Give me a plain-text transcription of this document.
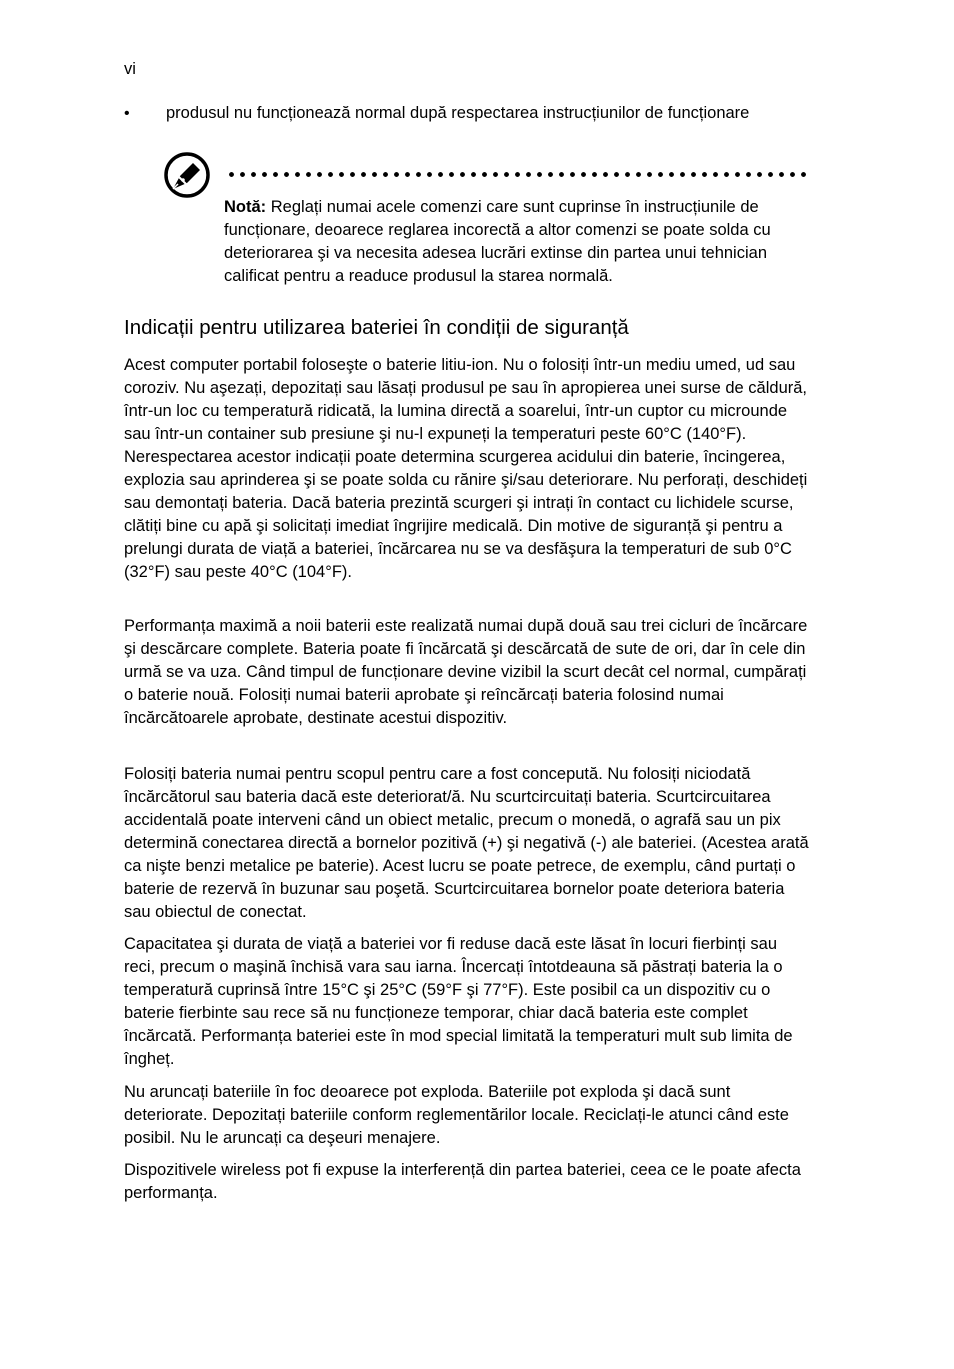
vi
• produsul nu funcționează normal după respectarea instrucțiunilor de funcționare
Notă: Reglați numai acele comenzi care sunt cuprinse în instrucțiunile de funcționare, deoarece reglarea incorectă a altor comenzi se poate solda cu deteriorarea şi va necesita adesea lucrări extinse din partea unui tehnician calificat pentru a readuce produsul la starea normală.
Indicații pentru utilizarea bateriei în condiții de siguranță

Acest computer portabil foloseşte o baterie litiu-ion. Nu o folosiți într-un mediu umed, ud sau coroziv. Nu aşezați, depozitați sau lăsați produsul pe sau în apropierea unei surse de căldură, într-un loc cu temperatură ridicată, la lumina directă a soarelui, într-un cuptor cu microunde sau într-un container sub presiune şi nu-l expuneți la temperaturi peste 60°C (140°F). Nerespectarea acestor indicații poate determina scurgerea acidului din baterie, încingerea, explozia sau aprinderea şi se poate solda cu rănire şi/sau deteriorare. Nu perforați, deschideți sau demontați bateria. Dacă bateria prezintă scurgeri şi intrați în contact cu lichidele scurse, clătiți bine cu apă şi solicitați imediat îngrijire medicală. Din motive de siguranță şi pentru a prelungi durata de viață a bateriei, încărcarea nu se va desfăşura la temperaturi de sub 0°C (32°F) sau peste 40°C (104°F).

Performanța maximă a noii baterii este realizată numai după două sau trei cicluri de încărcare şi descărcare complete. Bateria poate fi încărcată şi descărcată de sute de ori, dar în cele din urmă se va uza. Când timpul de funcționare devine vizibil la scurt decât cel normal, cumpărați o baterie nouă. Folosiți numai baterii aprobate şi reîncărcați bateria folosind numai încărcătoarele aprobate, destinate acestui dispozitiv.

Folosiți bateria numai pentru scopul pentru care a fost concepută. Nu folosiți niciodată încărcătorul sau bateria dacă este deteriorat/ă. Nu scurtcircuitați bateria. Scurtcircuitarea accidentală poate interveni când un obiect metalic, precum o monedă, o agrafă sau un pix determină conectarea directă a bornelor pozitivă (+) şi negativă (-) ale bateriei. (Acestea arată ca nişte benzi metalice pe baterie). Acest lucru se poate petrece, de exemplu, când purtați o baterie de rezervă în buzunar sau poşetă. Scurtcircuitarea bornelor poate deteriora bateria sau obiectul de conectat.

Capacitatea şi durata de viață a bateriei vor fi reduse dacă este lăsat în locuri fierbinți sau reci, precum o maşină închisă vara sau iarna. Încercați întotdeauna să păstrați bateria la o temperatură cuprinsă între 15°C şi 25°C (59°F şi 77°F). Este posibil ca un dispozitiv cu o baterie fierbinte sau rece să nu funcționeze temporar, chiar dacă bateria este complet încărcată. Performanța bateriei este în mod special limitată la temperaturi mult sub limita de îngheț.

Nu aruncați bateriile în foc deoarece pot exploda. Bateriile pot exploda şi dacă sunt deteriorate. Depozitați bateriile conform reglementărilor locale. Reciclați-le atunci când este posibil. Nu le aruncați ca deşeuri menajere.

Dispozitivele wireless pot fi expuse la interferență din partea bateriei, ceea ce le poate afecta performanța.
